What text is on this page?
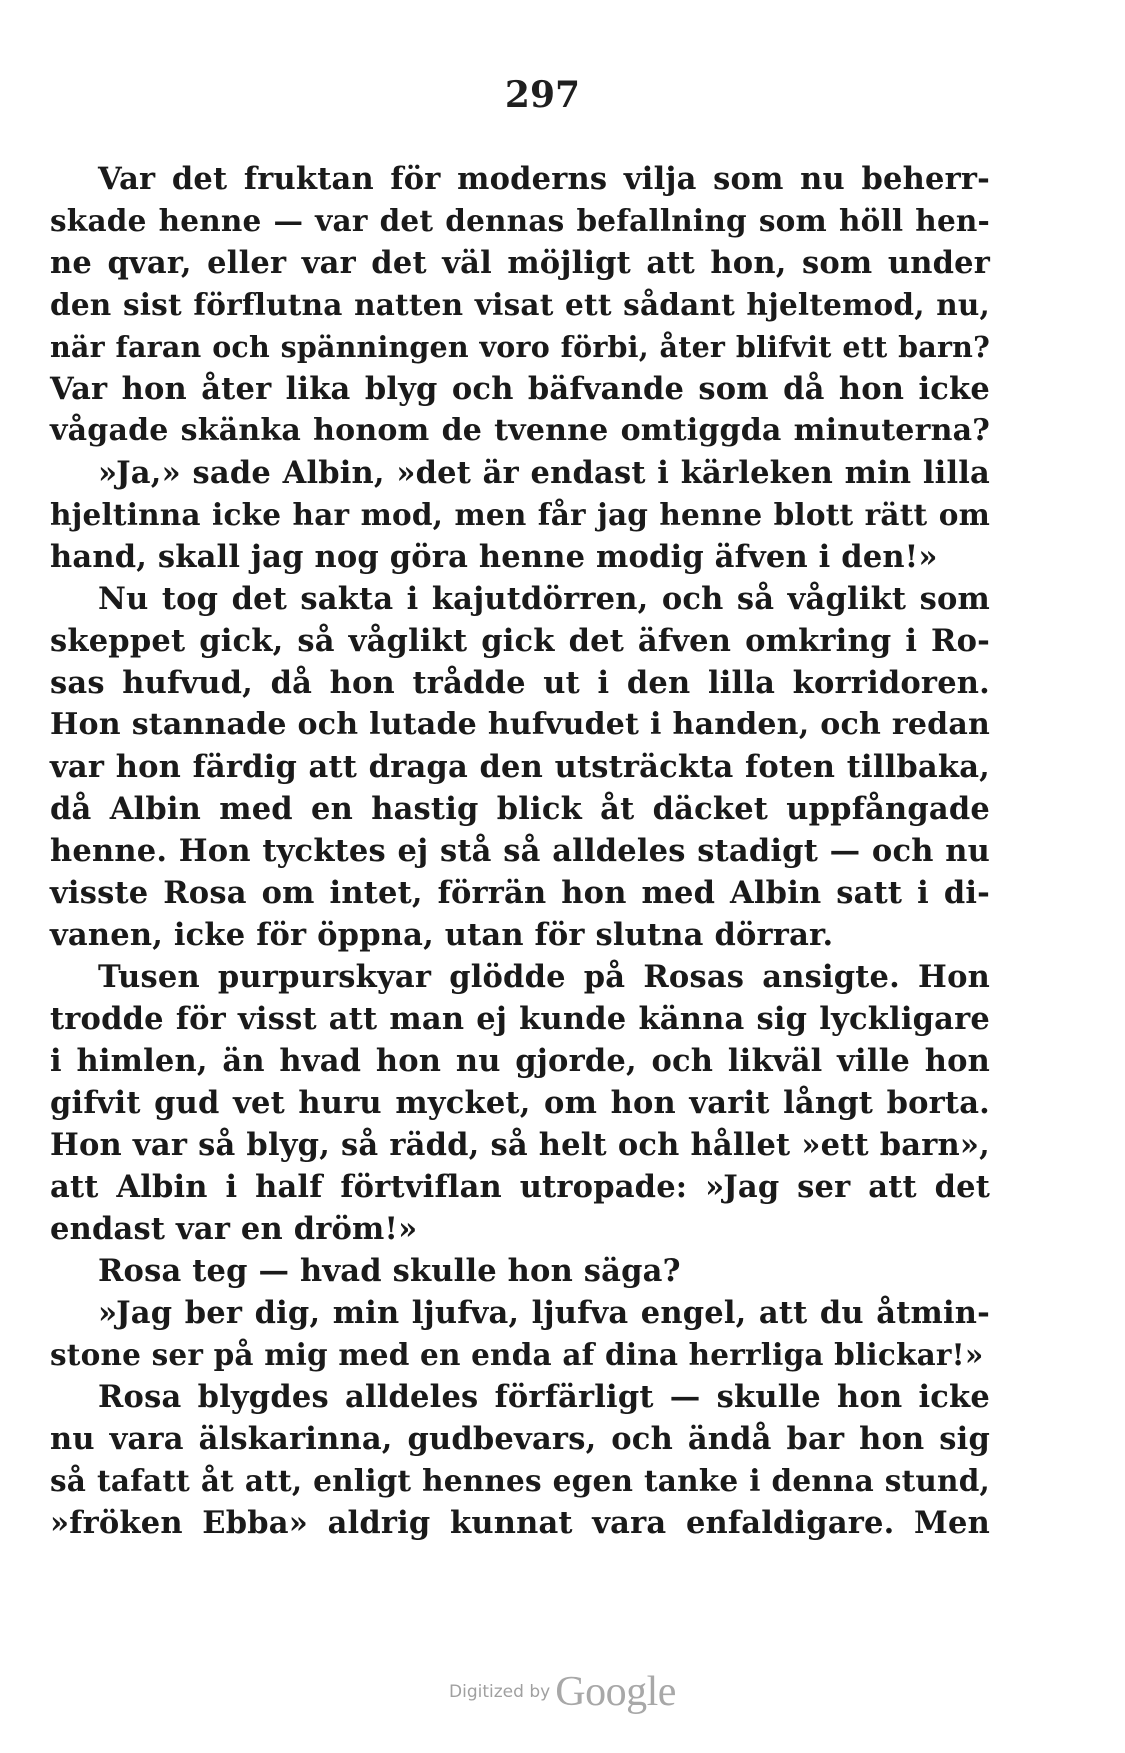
297
Var det fruktan för moderns vilja som nu beherr-
skade henne — var det dennas befallning som höll hen-
ne qvar, eller var det väl möjligt att hon, som under
den sist förflutna natten visat ett sådant hjeltemod, nu,
när faran och spänningen voro förbi, åter blifvit ett barn?
Var hon åter lika blyg och bäfvande som då hon icke
vågade skänka honom de tvenne omtiggda minuterna?
»Ja,» sade Albin, »det är endast i kärleken min lilla
hjeltinna icke har mod, men får jag henne blott rätt om
hand, skall jag nog göra henne modig äfven i den!»
Nu tog det sakta i kajutdörren, och så våglikt som
skeppet gick, så våglikt gick det äfven omkring i Ro-
sas hufvud, då hon trådde ut i den lilla korridoren.
Hon stannade och lutade hufvudet i handen, och redan
var hon färdig att draga den utsträckta foten tillbaka,
då Albin med en hastig blick åt däcket uppfångade
henne. Hon tycktes ej stå så alldeles stadigt — och nu
visste Rosa om intet, förrän hon med Albin satt i di-
vanen, icke för öppna, utan för slutna dörrar.
Tusen purpurskyar glödde på Rosas ansigte. Hon
trodde för visst att man ej kunde känna sig lyckligare
i himlen, än hvad hon nu gjorde, och likväl ville hon
gifvit gud vet huru mycket, om hon varit långt borta.
Hon var så blyg, så rädd, så helt och hållet »ett barn»,
att Albin i half förtviflan utropade: »Jag ser att det
endast var en dröm!»
Rosa teg — hvad skulle hon säga?
»Jag ber dig, min ljufva, ljufva engel, att du åtmin-
stone ser på mig med en enda af dina herrliga blickar!»
Rosa blygdes alldeles förfärligt — skulle hon icke
nu vara älskarinna, gudbevars, och ändå bar hon sig
så tafatt åt att, enligt hennes egen tanke i denna stund,
»fröken Ebba» aldrig kunnat vara enfaldigare. Men
Digitized by Google
